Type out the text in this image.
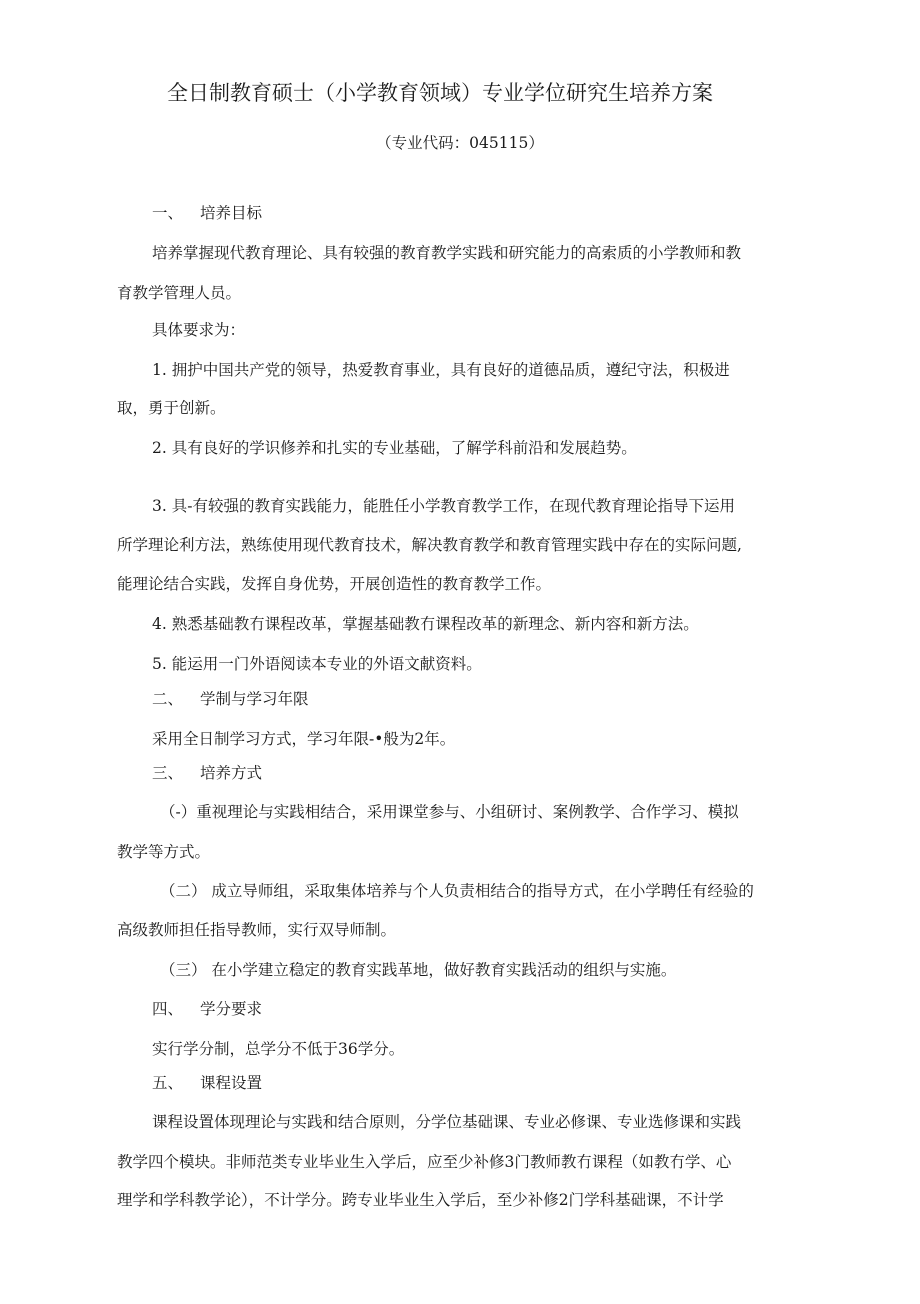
全日制教育硕士（小学教育领域）专业学位研究生培养方案
（专业代码：045115）
一、 培养目标
培养掌握现代教育理论、具有较强的教育教学实践和研究能力的高索质的小学教师和教
育教学管理人员。
具体要求为：
1. 拥护中国共产党的领导，热爱教育事业，具有良好的道德品质，遵纪守法，积极进
取，勇于创新。
2. 具有良好的学识修养和扎实的专业基础，了解学科前沿和发展趋势。
3. 具-有较强的教育实践能力，能胜任小学教育教学工作，在现代教育理论指导下运用
所学理论利方法，熟练使用现代教育技术，解决教育教学和教育管理实践中存在的实际问题,
能理论结合实践，发挥自身优势，开展创造性的教育教学工作。
4. 熟悉基础教冇课程改革，掌握基础教冇课程改革的新理念、新内容和新方法。
5. 能运用一门外语阅读本专业的外语文献资料。
二、 学制与学习年限
采用全日制学习方式，学习年限-•般为2年。
三、 培养方式
（-）重视理论与实践相结合，采用课堂参与、小组研讨、案例教学、合作学习、模拟
教学等方式。
（二） 成立导师组，采取集体培养与个人负责相结合的指导方式，在小学聘任有经验的
高级教师担任指导教师，实行双导师制。
（三） 在小学建立稳定的教育实践革地，做好教育实践活动的组织与实施。
四、 学分要求
实行学分制，总学分不低于36学分。
五、 课程设置
课程设置体现理论与实践和结合原则，分学位基础课、专业必修课、专业选修课和实践
教学四个模块。非师范类专业毕业生入学后，应至少补修3门教师教冇课程（如教冇学、心
理学和学科教学论），不计学分。跨专业毕业生入学后，至少补修2门学科基础课，不计学
